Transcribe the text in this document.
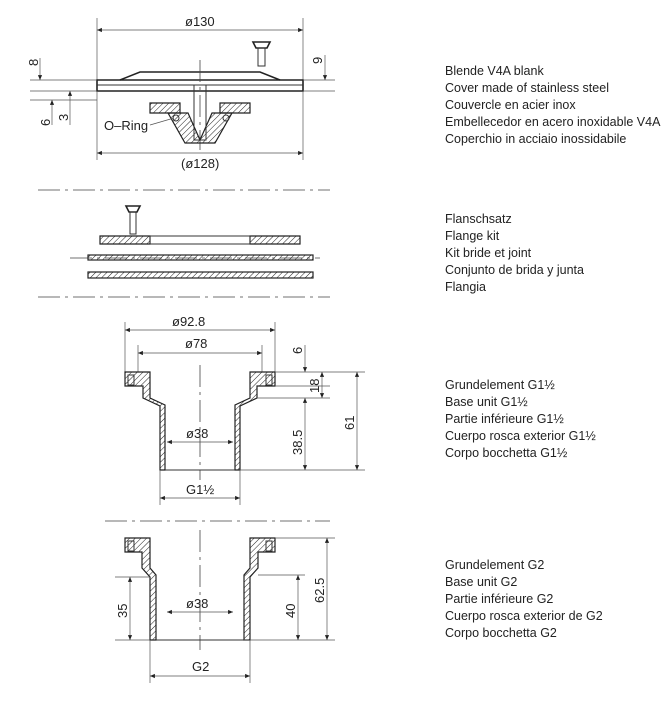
ø130
O–Ring
(ø128)
8
6
3
9
ø92.8
ø78
ø38
G1½
6
18
38.5
61
ø38
G2
35	40
62.5
Blende V4A blank
Cover made of stainless steel
Couvercle en acier inox
Embellecedor en acero inoxidable V4A
Coperchio in acciaio inossidabile
Flanschsatz
Flange kit
Kit bride et joint
Conjunto de brida y junta
Flangia
Grundelement G1½
Base unit G1½
Partie inférieure G1½
Cuerpo rosca exterior G1½
Corpo bocchetta G1½
Grundelement G2
Base unit G2
Partie inférieure G2
Cuerpo rosca exterior de G2
Corpo bocchetta G2
